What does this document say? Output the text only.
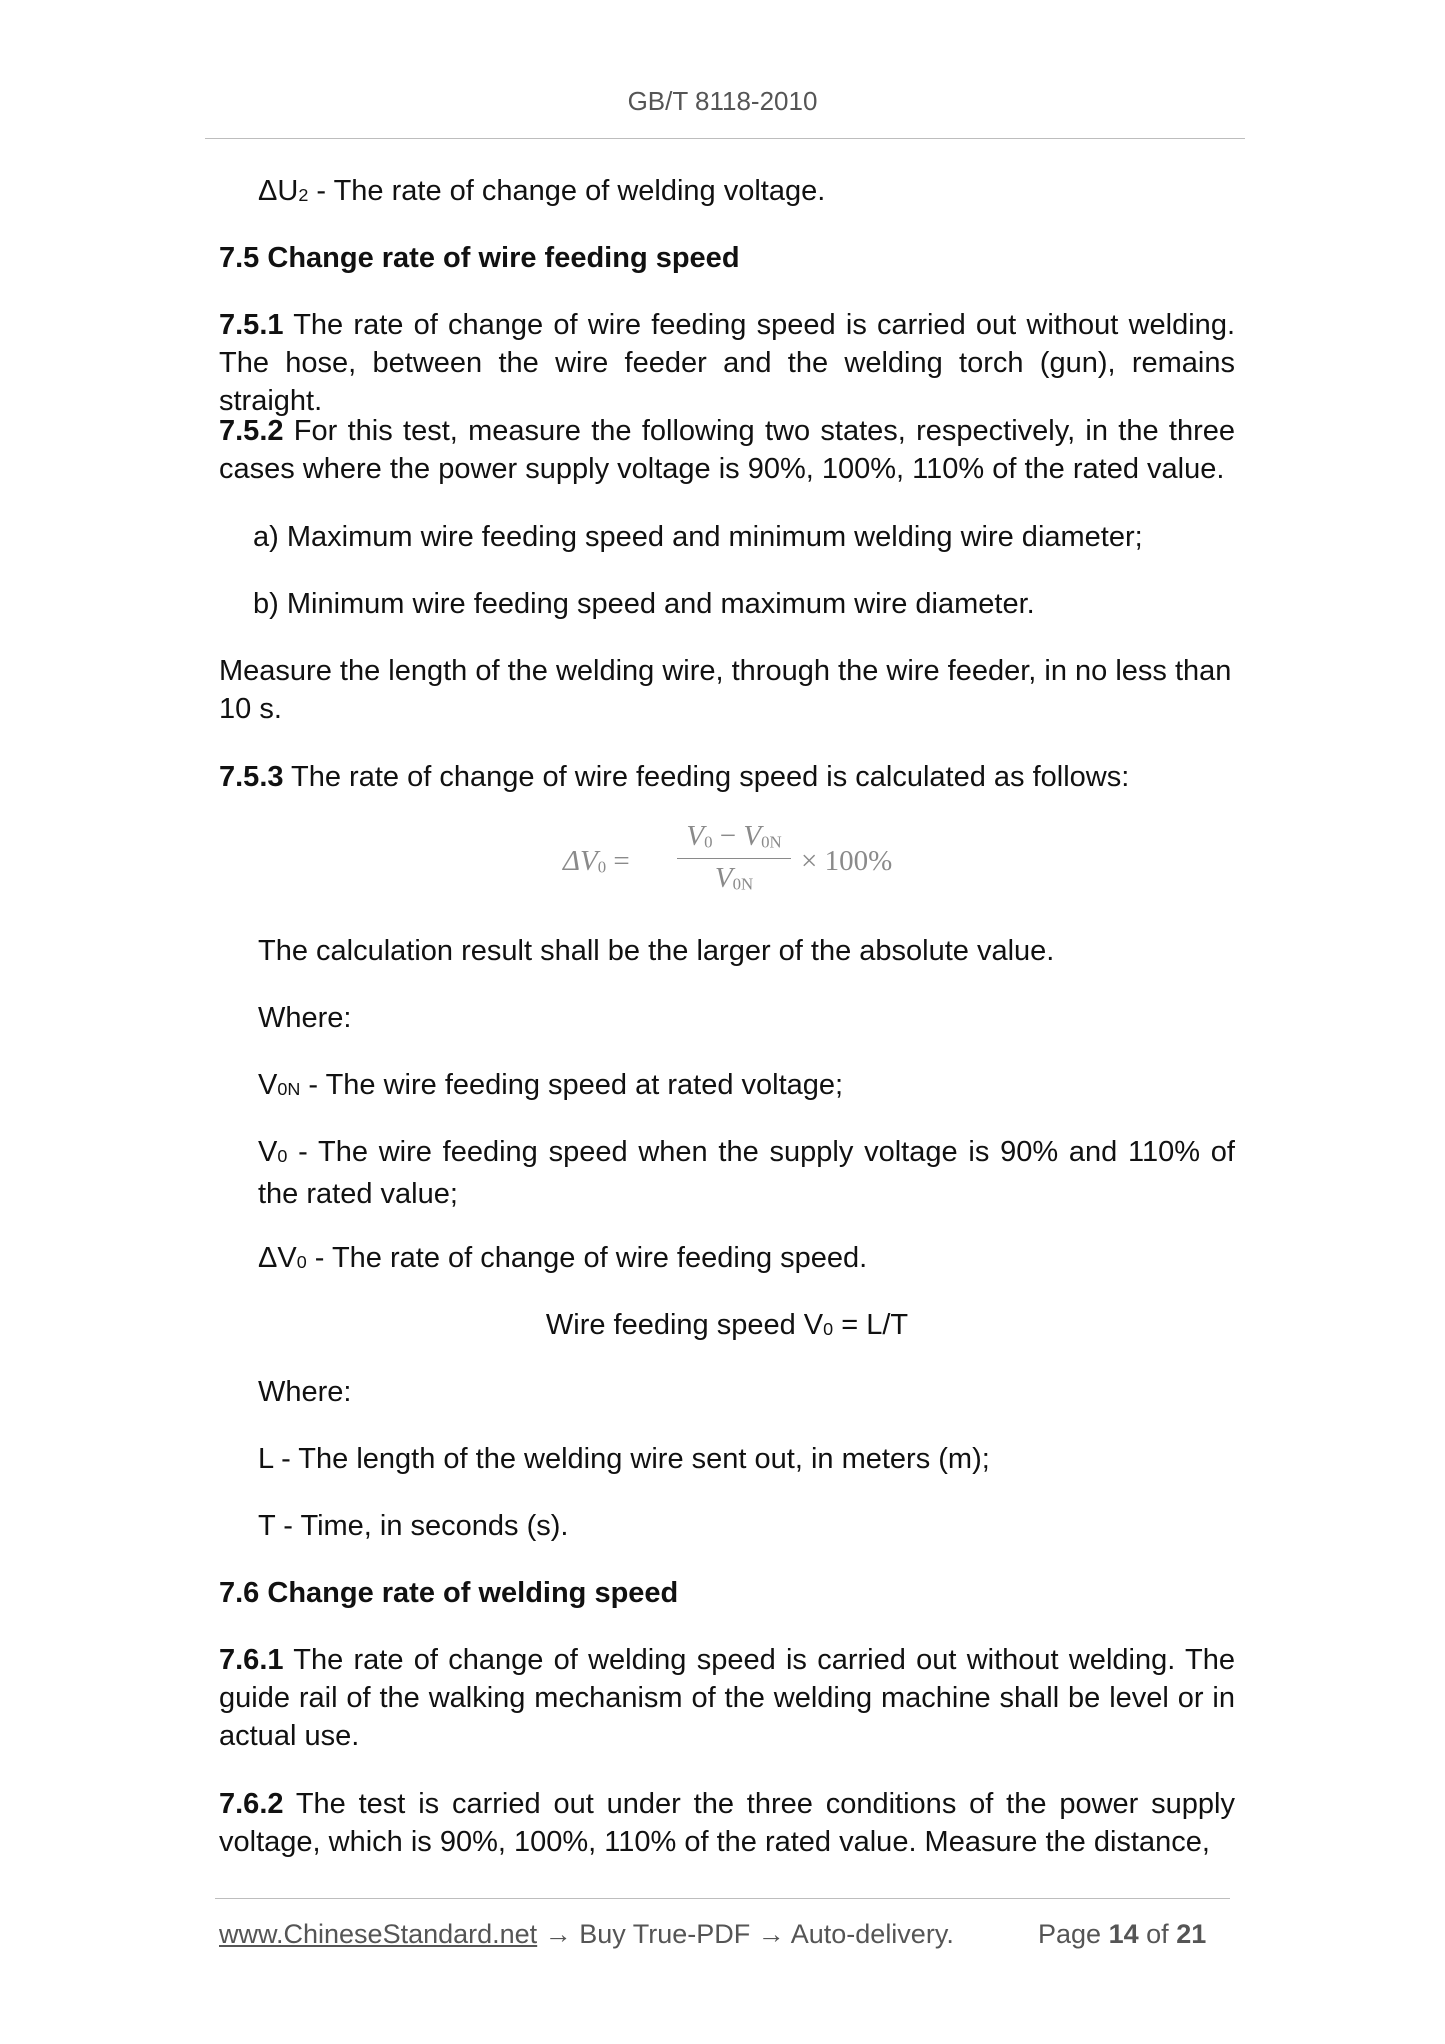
GB/T 8118-2010

ΔU2 - The rate of change of welding voltage.

7.5 Change rate of wire feeding speed

7.5.1 The rate of change of wire feeding speed is carried out without welding. The hose, between the wire feeder and the welding torch (gun), remains straight.

7.5.2 For this test, measure the following two states, respectively, in the three cases where the power supply voltage is 90%, 100%, 110% of the rated value.

a) Maximum wire feeding speed and minimum welding wire diameter;

b) Minimum wire feeding speed and maximum wire diameter.

Measure the length of the welding wire, through the wire feeder, in no less than 10 s.

7.5.3 The rate of change of wire feeding speed is calculated as follows:

ΔV0 =
V0 − V0N
V0N
× 100%

The calculation result shall be the larger of the absolute value.

Where:

V0N - The wire feeding speed at rated voltage;

V0 - The wire feeding speed when the supply voltage is 90% and 110% of the rated value;

ΔV0 - The rate of change of wire feeding speed.

Wire feeding speed V0 = L/T

Where:

L - The length of the welding wire sent out, in meters (m);

T - Time, in seconds (s).

7.6 Change rate of welding speed

7.6.1 The rate of change of welding speed is carried out without welding. The guide rail of the walking mechanism of the welding machine shall be level or in actual use.

7.6.2 The test is carried out under the three conditions of the power supply voltage, which is 90%, 100%, 110% of the rated value. Measure the distance,

www.ChineseStandard.net → Buy True-PDF → Auto-delivery.	Page 14 of 21
